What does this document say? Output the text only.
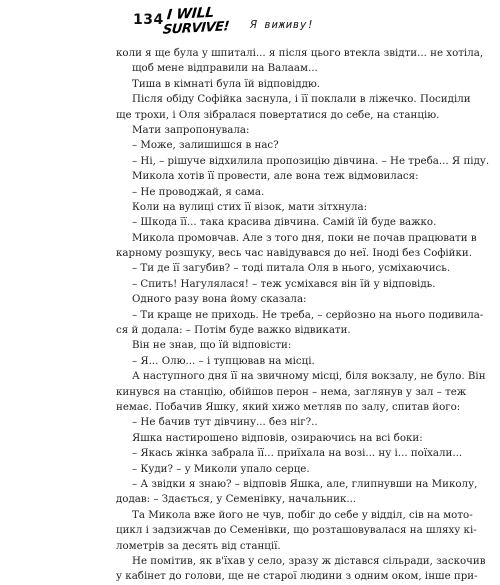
134 I WILL
SURVIVE! Я виживу!
коли я ще була у шпиталі... я після цього втекла звідти... не хотіла,
щоб мене відправили на Валаам...
Тиша в кімнаті була їй відповіддю.
Після обіду Софійка заснула, і її поклали в ліжечко. Посиділи
ще трохи, і Оля зібралася повертатися до себе, на станцію.
Мати запропонувала:
– Може, залишишся в нас?
– Ні, – рішуче відхилила пропозицію дівчина. – Не треба... Я піду.
Микола хотів її провести, але вона теж відмовилася:
– Не проводжай, я сама.
Коли на вулиці стих її візок, мати зітхнула:
– Шкода її... така красива дівчина. Самій їй буде важко.
Микола промовчав. Але з того дня, поки не почав працювати в
карному розшуку, весь час навідувався до неї. Іноді без Софійки.
– Ти де її загубив? – тоді питала Оля в нього, усміхаючись.
– Спить! Нагулялася! – теж усміхався він їй у відповідь.
Одного разу вона йому сказала:
– Ти краще не приходь. Не треба, – серйозно на нього подивила-
ся й додала: – Потім буде важко відвикати.
Він не знав, що їй відповісти:
– Я... Олю... – і тупцював на місці.
А наступного дня її на звичному місці, біля вокзалу, не було. Він
кинувся на станцію, обійшов перон – нема, заглянув у зал – теж
немає. Побачив Яшку, який хижо метляв по залу, спитав його:
– Не бачив тут дівчину... без ніг?..
Яшка настирошено відповів, озираючись на всі боки:
– Якась жінка забрала її... приїхала на возі... ну і... поїхали...
– Куди? – у Миколи упало серце.
– А звідки я знаю? – відповів Яшка, але, глипнувши на Миколу,
додав: – Здається, у Семенівку, начальник...
Та Микола вже його не чув, побіг до себе у відділ, сів на мото-
цикл і задзижчав до Семенівки, що розташовувалася на шляху кі-
лометрів за десять від станції.
Не помітив, як в'їхав у село, зразу ж дістався сільради, заскочив
у кабінет до голови, ще не старої людини з одним оком, інше при-
